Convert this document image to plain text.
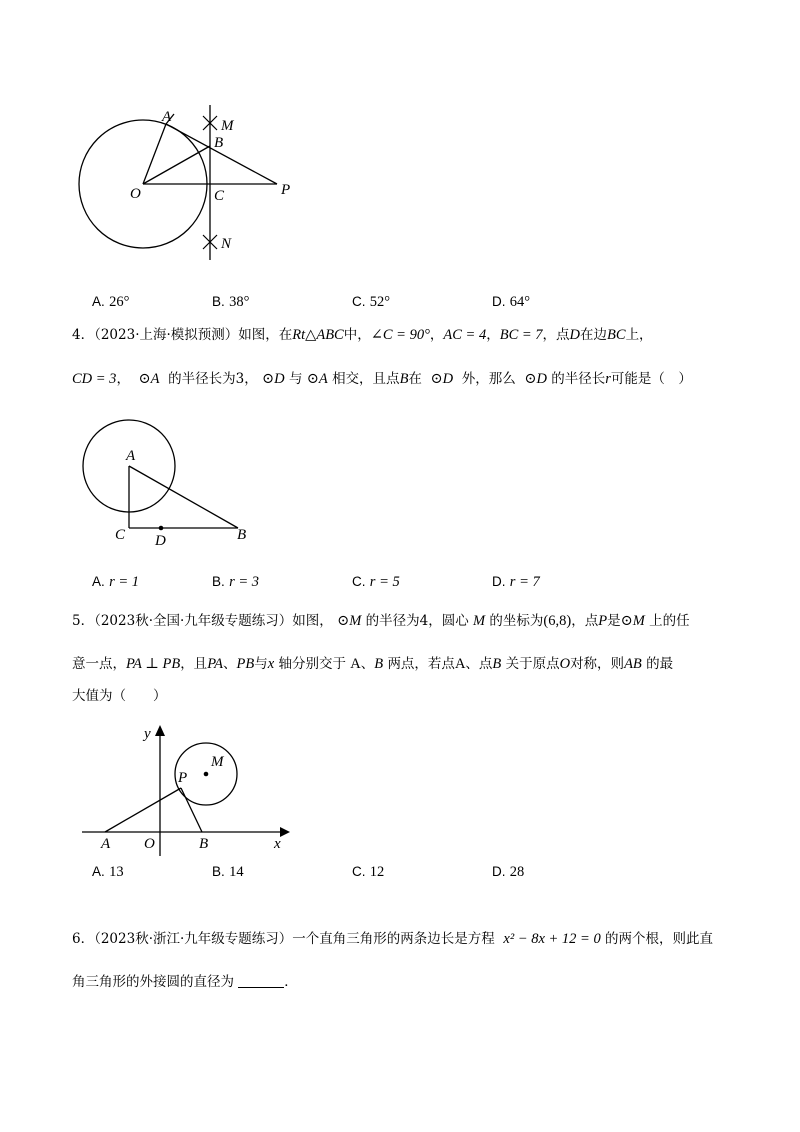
A
M
B
O	C	P
N
A. 26°	B. 38°	C. 52°	D. 64°
4．（2023·上海·模拟预测）如图，在Rt△ABC中，∠C = 90°，AC = 4，BC = 7，点D在边BC上，
CD = 3， ⊙A 的半径长为3， ⊙D 与 ⊙A 相交，且点B在 ⊙D 外，那么 ⊙D 的半径长r可能是（　）
A
C D	B
A. r = 1	B. r = 3	C. r = 5	D. r = 7
5．（2023秋·全国·九年级专题练习）如图， ⊙M 的半径为4，圆心 M 的坐标为(6,8)，点P是⊙M 上的任
意一点，PA ⊥ PB，且PA、PB与x 轴分别交于 A、B 两点，若点A、点B 关于原点O对称，则AB 的最
大值为（　　）
y
M
P
A O	B	x
A. 13	B. 14	C. 12	D. 28
6．（2023秋·浙江·九年级专题练习）一个直角三角形的两条边长是方程 x² − 8x + 12 = 0 的两个根，则此直
角三角形的外接圆的直径为	．
